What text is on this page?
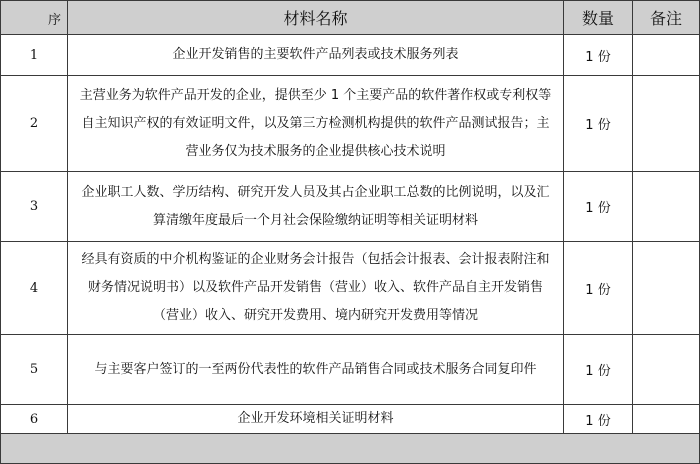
序	材料名称	数量	备注
1	企业开发销售的主要软件产品列表或技术服务列表	1 份	
2	主营业务为软件产品开发的企业，提供至少 1 个主要产品的软件著作权或专利权等自主知识产权的有效证明文件，以及第三方检测机构提供的软件产品测试报告；主营业务仅为技术服务的企业提供核心技术说明	1 份	
3	企业职工人数、学历结构、研究开发人员及其占企业职工总数的比例说明，以及汇算清缴年度最后一个月社会保险缴纳证明等相关证明材料	1 份	
4	经具有资质的中介机构鉴证的企业财务会计报告（包括会计报表、会计报表附注和财务情况说明书）以及软件产品开发销售（营业）收入、软件产品自主开发销售（营业）收入、研究开发费用、境内研究开发费用等情况	1 份	
5	与主要客户签订的一至两份代表性的软件产品销售合同或技术服务合同复印件	1 份	
6	企业开发环境相关证明材料	1 份	
